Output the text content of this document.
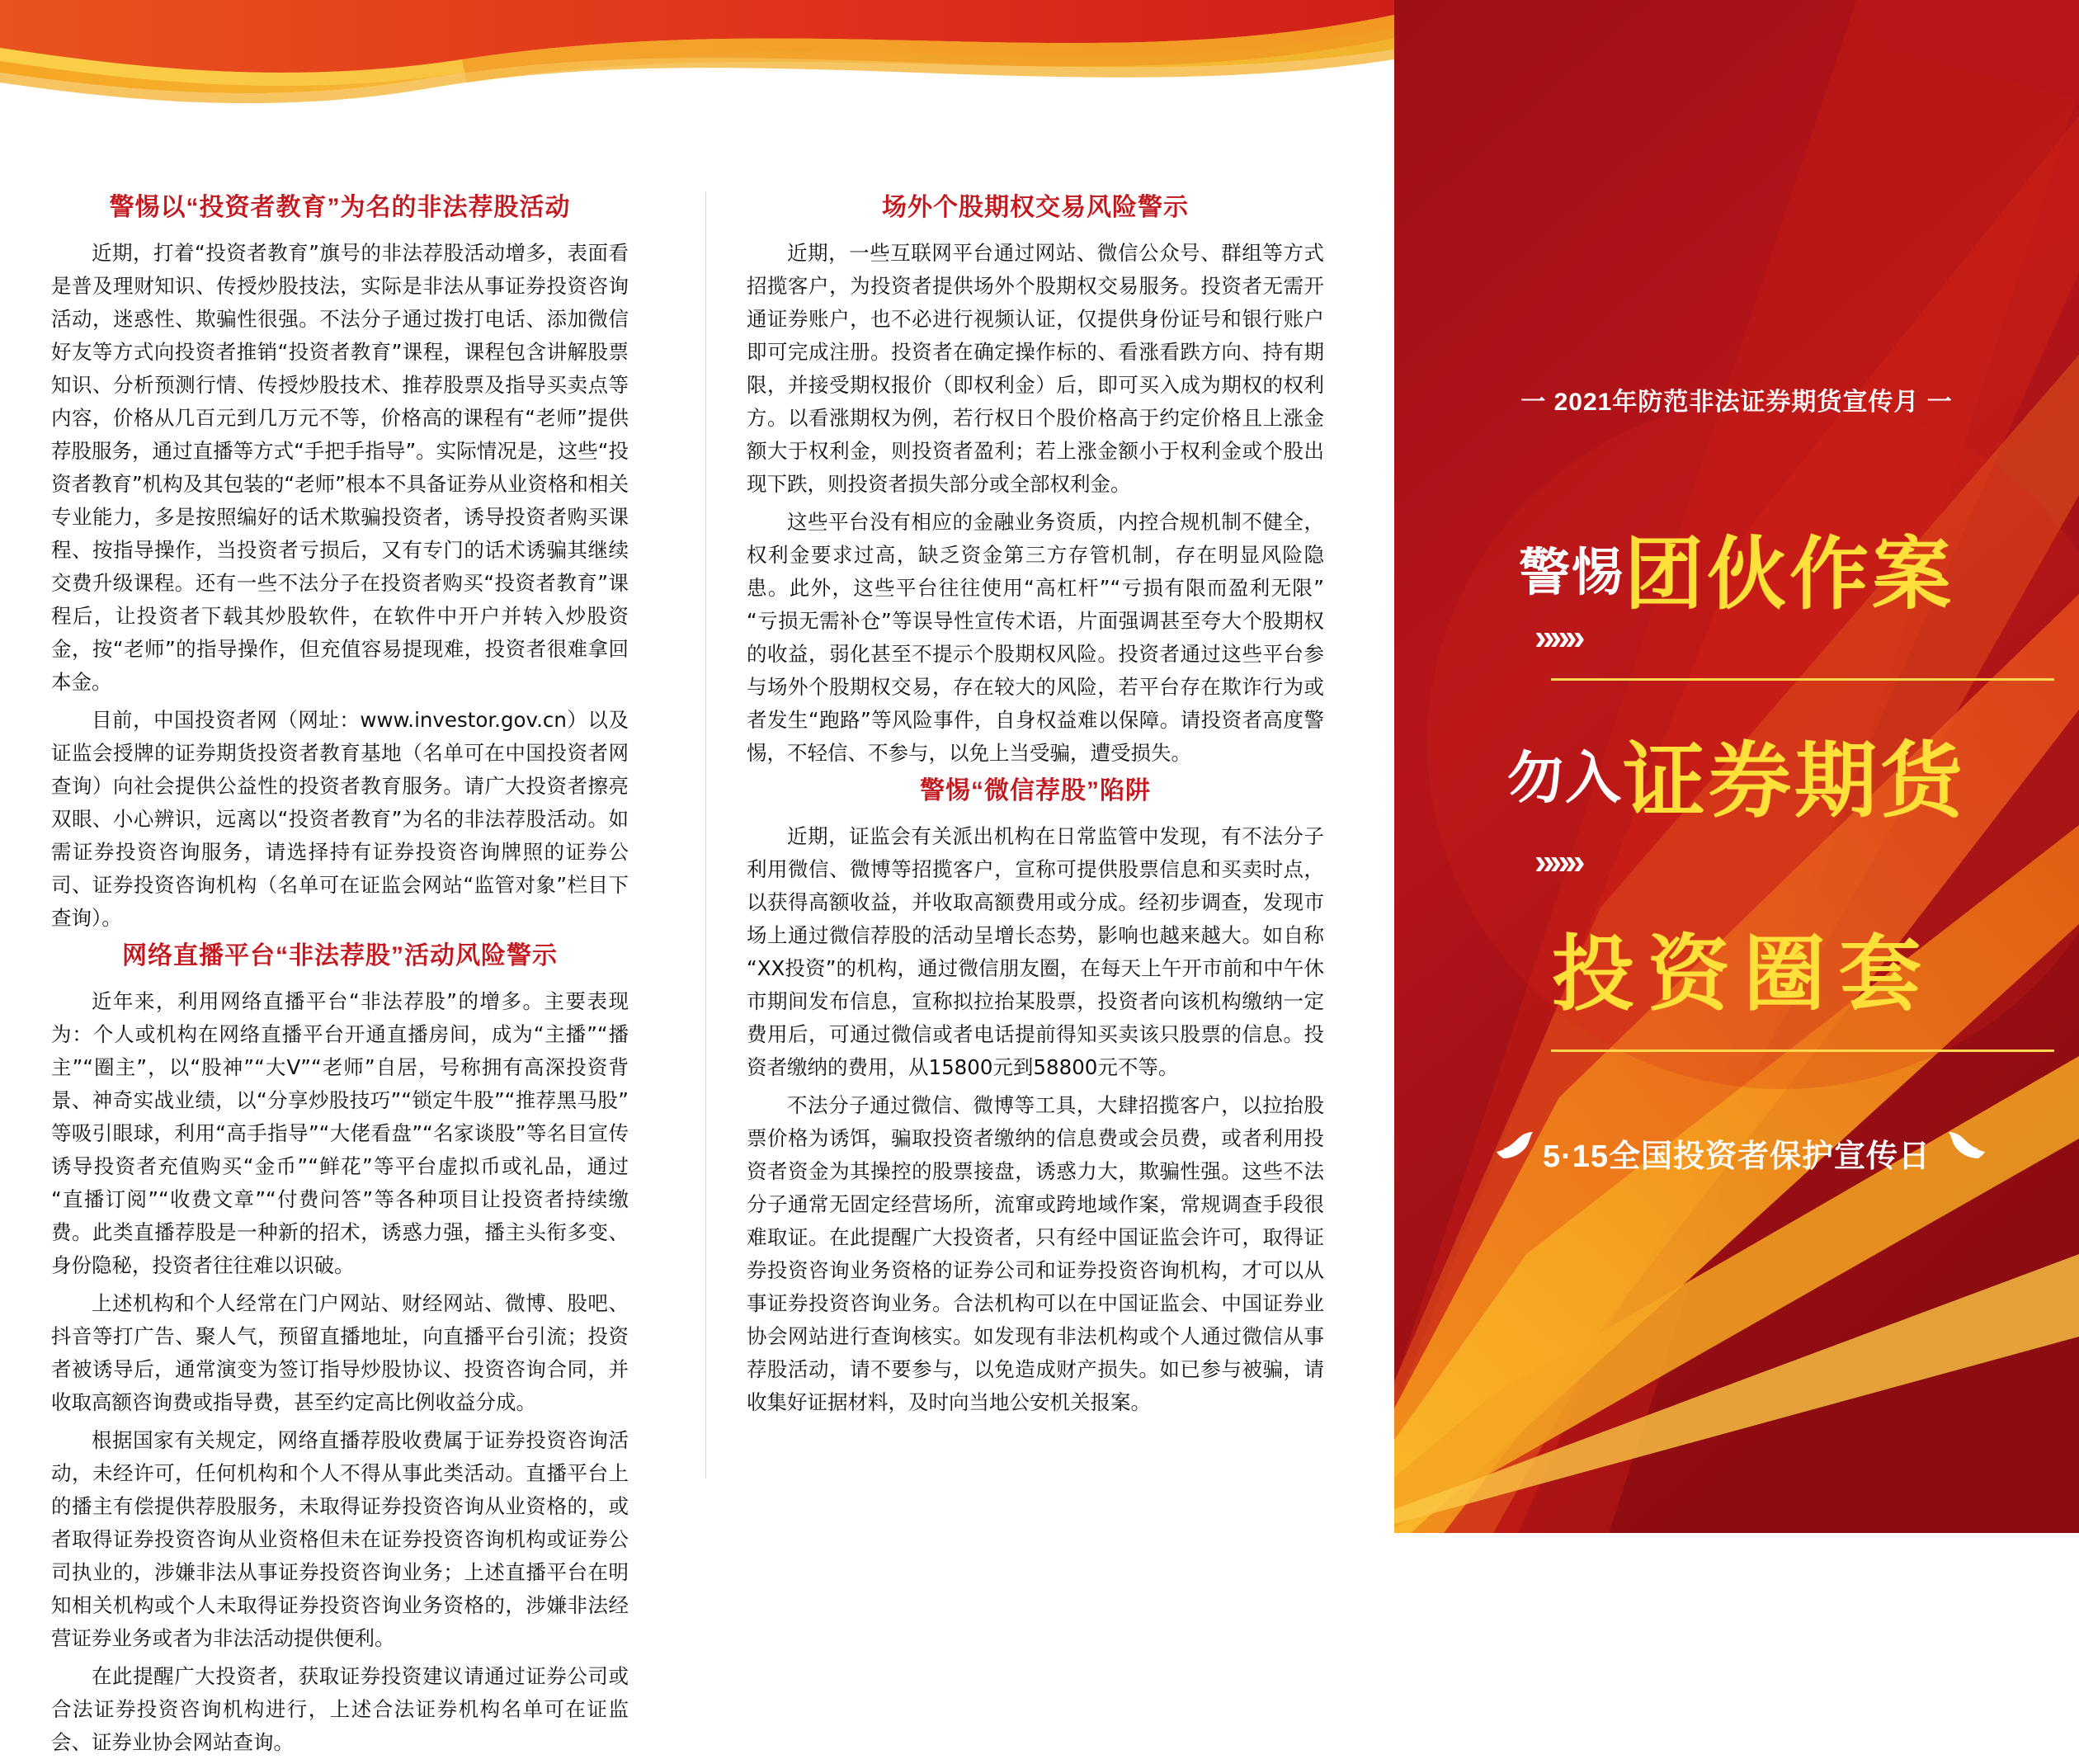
警惕以“投资者教育”为名的非法荐股活动

近期，打着“投资者教育”旗号的非法荐股活动增多，表面看是普及理财知识、传授炒股技法，实际是非法从事证券投资咨询活动，迷惑性、欺骗性很强。不法分子通过拨打电话、添加微信好友等方式向投资者推销“投资者教育”课程，课程包含讲解股票知识、分析预测行情、传授炒股技术、推荐股票及指导买卖点等内容，价格从几百元到几万元不等，价格高的课程有“老师”提供荐股服务，通过直播等方式“手把手指导”。实际情况是，这些“投资者教育”机构及其包装的“老师”根本不具备证券从业资格和相关专业能力，多是按照编好的话术欺骗投资者，诱导投资者购买课程、按指导操作，当投资者亏损后，又有专门的话术诱骗其继续交费升级课程。还有一些不法分子在投资者购买“投资者教育”课程后，让投资者下载其炒股软件，在软件中开户并转入炒股资金，按“老师”的指导操作，但充值容易提现难，投资者很难拿回本金。

目前，中国投资者网（网址：www.investor.gov.cn）以及证监会授牌的证券期货投资者教育基地（名单可在中国投资者网查询）向社会提供公益性的投资者教育服务。请广大投资者擦亮双眼、小心辨识，远离以“投资者教育”为名的非法荐股活动。如需证券投资咨询服务，请选择持有证券投资咨询牌照的证券公司、证券投资咨询机构（名单可在证监会网站“监管对象”栏目下查询）。

网络直播平台“非法荐股”活动风险警示

近年来，利用网络直播平台“非法荐股”的增多。主要表现为：个人或机构在网络直播平台开通直播房间，成为“主播”“播主”“圈主”，以“股神”“大V”“老师”自居，号称拥有高深投资背景、神奇实战业绩，以“分享炒股技巧”“锁定牛股”“推荐黑马股”等吸引眼球，利用“高手指导”“大佬看盘”“名家谈股”等名目宣传诱导投资者充值购买“金币”“鲜花”等平台虚拟币或礼品，通过“直播订阅”“收费文章”“付费问答”等各种项目让投资者持续缴费。此类直播荐股是一种新的招术，诱惑力强，播主头衔多变、身份隐秘，投资者往往难以识破。

上述机构和个人经常在门户网站、财经网站、微博、股吧、抖音等打广告、聚人气，预留直播地址，向直播平台引流；投资者被诱导后，通常演变为签订指导炒股协议、投资咨询合同，并收取高额咨询费或指导费，甚至约定高比例收益分成。

根据国家有关规定，网络直播荐股收费属于证券投资咨询活动，未经许可，任何机构和个人不得从事此类活动。直播平台上的播主有偿提供荐股服务，未取得证券投资咨询从业资格的，或者取得证券投资咨询从业资格但未在证券投资咨询机构或证券公司执业的，涉嫌非法从事证券投资咨询业务；上述直播平台在明知相关机构或个人未取得证券投资咨询业务资格的，涉嫌非法经营证券业务或者为非法活动提供便利。

在此提醒广大投资者，获取证券投资建议请通过证券公司或合法证券投资咨询机构进行，上述合法证券机构名单可在证监会、证券业协会网站查询。

场外个股期权交易风险警示

近期，一些互联网平台通过网站、微信公众号、群组等方式招揽客户，为投资者提供场外个股期权交易服务。投资者无需开通证券账户，也不必进行视频认证，仅提供身份证号和银行账户即可完成注册。投资者在确定操作标的、看涨看跌方向、持有期限，并接受期权报价（即权利金）后，即可买入成为期权的权利方。以看涨期权为例，若行权日个股价格高于约定价格且上涨金额大于权利金，则投资者盈利；若上涨金额小于权利金或个股出现下跌，则投资者损失部分或全部权利金。

这些平台没有相应的金融业务资质，内控合规机制不健全，权利金要求过高，缺乏资金第三方存管机制，存在明显风险隐患。此外，这些平台往往使用“高杠杆”“亏损有限而盈利无限”“亏损无需补仓”等误导性宣传术语，片面强调甚至夸大个股期权的收益，弱化甚至不提示个股期权风险。投资者通过这些平台参与场外个股期权交易，存在较大的风险，若平台存在欺诈行为或者发生“跑路”等风险事件，自身权益难以保障。请投资者高度警惕，不轻信、不参与，以免上当受骗，遭受损失。

警惕“微信荐股”陷阱

近期，证监会有关派出机构在日常监管中发现，有不法分子利用微信、微博等招揽客户，宣称可提供股票信息和买卖时点，以获得高额收益，并收取高额费用或分成。经初步调查，发现市场上通过微信荐股的活动呈增长态势，影响也越来越大。如自称“XX投资”的机构，通过微信朋友圈，在每天上午开市前和中午休市期间发布信息，宣称拟拉抬某股票，投资者向该机构缴纳一定费用后，可通过微信或者电话提前得知买卖该只股票的信息。投资者缴纳的费用，从15800元到58800元不等。

不法分子通过微信、微博等工具，大肆招揽客户，以拉抬股票价格为诱饵，骗取投资者缴纳的信息费或会员费，或者利用投资者资金为其操控的股票接盘，诱惑力大，欺骗性强。这些不法分子通常无固定经营场所，流窜或跨地域作案，常规调查手段很难取证。在此提醒广大投资者，只有经中国证监会许可，取得证券投资咨询业务资格的证券公司和证券投资咨询机构，才可以从事证券投资咨询业务。合法机构可以在中国证监会、中国证券业协会网站进行查询核实。如发现有非法机构或个人通过微信从事荐股活动，请不要参与，以免造成财产损失。如已参与被骗，请收集好证据材料，及时向当地公安机关报案。

一 2021年防范非法证券期货宣传月 一
警惕团伙作案
»»»
勿入证券期货
»»»
投资圈套
5·15全国投资者保护宣传日
